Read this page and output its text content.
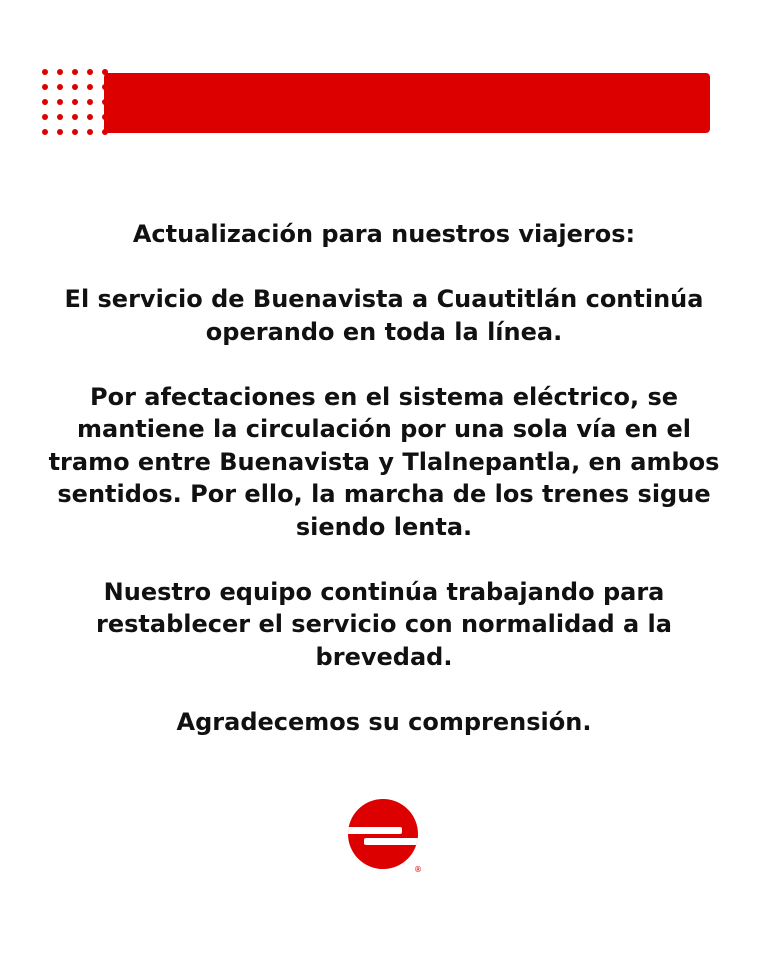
Actualización para nuestros viajeros:

El servicio de Buenavista a Cuautitlán continúa operando en toda la línea.

Por afectaciones en el sistema eléctrico, se mantiene la circulación por una sola vía en el tramo entre Buenavista y Tlalnepantla, en ambos sentidos. Por ello, la marcha de los trenes sigue siendo lenta.

Nuestro equipo continúa trabajando para restablecer el servicio con normalidad a la brevedad.

Agradecemos su comprensión.

®
